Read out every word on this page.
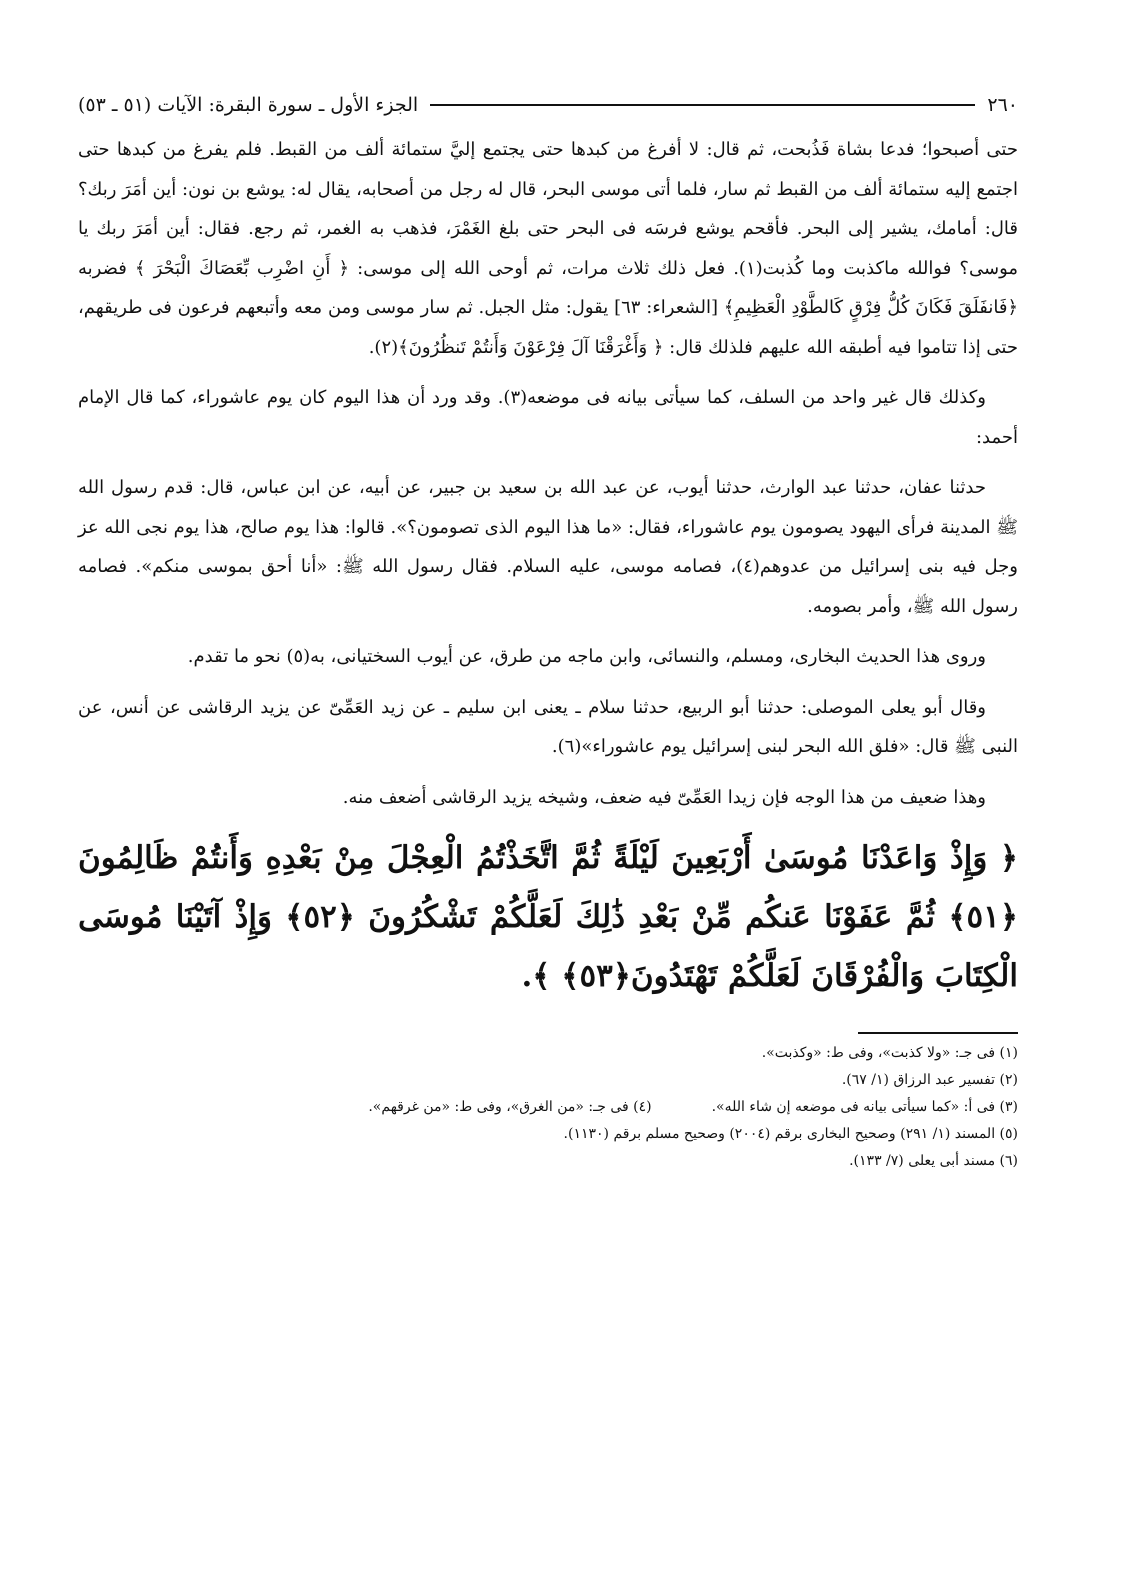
٢٦٠
الجزء الأول ـ سورة البقرة: الآيات (٥١ ـ ٥٣)

حتى أصبحوا؛ فدعا بشاة فَذُبحت، ثم قال: لا أفرغ من كبدها حتى يجتمع إليَّ ستمائة ألف من القبط. فلم يفرغ من كبدها حتى اجتمع إليه ستمائة ألف من القبط ثم سار، فلما أتى موسى البحر، قال له رجل من أصحابه، يقال له: يوشع بن نون: أين أمَرَ ربك؟ قال: أمامك، يشير إلى البحر. فأقحم يوشع فرسَه فى البحر حتى بلغ الغَمْرَ، فذهب به الغمر، ثم رجع. فقال: أين أمَرَ ربك يا موسى؟ فوالله ماكذبت وما كُذبت(١). فعل ذلك ثلاث مرات، ثم أوحى الله إلى موسى: ﴿ أَنِ اضْرِب بِّعَصَاكَ الْبَحْرَ ﴾ فضربه ﴿فَانفَلَقَ فَكَانَ كُلُّ فِرْقٍ كَالطَّوْدِ الْعَظِيمِ﴾ [الشعراء: ٦٣] يقول: مثل الجبل. ثم سار موسى ومن معه وأتبعهم فرعون فى طريقهم، حتى إذا تتاموا فيه أطبقه الله عليهم فلذلك قال: ﴿ وَأَغْرَقْنَا آلَ فِرْعَوْنَ وَأَنتُمْ تَنظُرُونَ﴾(٢).

وكذلك قال غير واحد من السلف، كما سيأتى بيانه فى موضعه(٣). وقد ورد أن هذا اليوم كان يوم عاشوراء، كما قال الإمام أحمد:

حدثنا عفان، حدثنا عبد الوارث، حدثنا أيوب، عن عبد الله بن سعيد بن جبير، عن أبيه، عن ابن عباس، قال: قدم رسول الله ﷺ المدينة فرأى اليهود يصومون يوم عاشوراء، فقال: «ما هذا اليوم الذى تصومون؟». قالوا: هذا يوم صالح، هذا يوم نجى الله عز وجل فيه بنى إسرائيل من عدوهم(٤)، فصامه موسى، عليه السلام. فقال رسول الله ﷺ: «أنا أحق بموسى منكم». فصامه رسول الله ﷺ، وأمر بصومه.

وروى هذا الحديث البخارى، ومسلم، والنسائى، وابن ماجه من طرق، عن أيوب السختيانى، به(٥) نحو ما تقدم.

وقال أبو يعلى الموصلى: حدثنا أبو الربيع، حدثنا سلام ـ يعنى ابن سليم ـ عن زيد العَمِّىّ عن يزيد الرقاشى عن أنس، عن النبى ﷺ قال: «فلق الله البحر لبنى إسرائيل يوم عاشوراء»(٦).

وهذا ضعيف من هذا الوجه فإن زيدا العَمِّىّ فيه ضعف، وشيخه يزيد الرقاشى أضعف منه.

﴿ وَإِذْ وَاعَدْنَا مُوسَىٰ أَرْبَعِينَ لَيْلَةً ثُمَّ اتَّخَذْتُمُ الْعِجْلَ مِنْ بَعْدِهِ وَأَنتُمْ ظَالِمُونَ ﴿٥١﴾ ثُمَّ عَفَوْنَا عَنكُم مِّنْ بَعْدِ ذَٰلِكَ لَعَلَّكُمْ تَشْكُرُونَ ﴿٥٢﴾ وَإِذْ آتَيْنَا مُوسَى الْكِتَابَ وَالْفُرْقَانَ لَعَلَّكُمْ تَهْتَدُونَ﴿٥٣﴾ ﴾.

(١) فى جـ: «ولا كذبت»، وفى ط: «وكذبت».
(٢) تفسير عبد الرزاق (١/ ٦٧).
(٣) فى أ: «كما سيأتى بيانه فى موضعه إن شاء الله».
(٤) فى جـ: «من الغرق»، وفى ط: «من غرقهم».
(٥) المسند (١/ ٢٩١) وصحيح البخارى برقم (٢٠٠٤) وصحيح مسلم برقم (١١٣٠).
(٦) مسند أبى يعلى (٧/ ١٣٣).
